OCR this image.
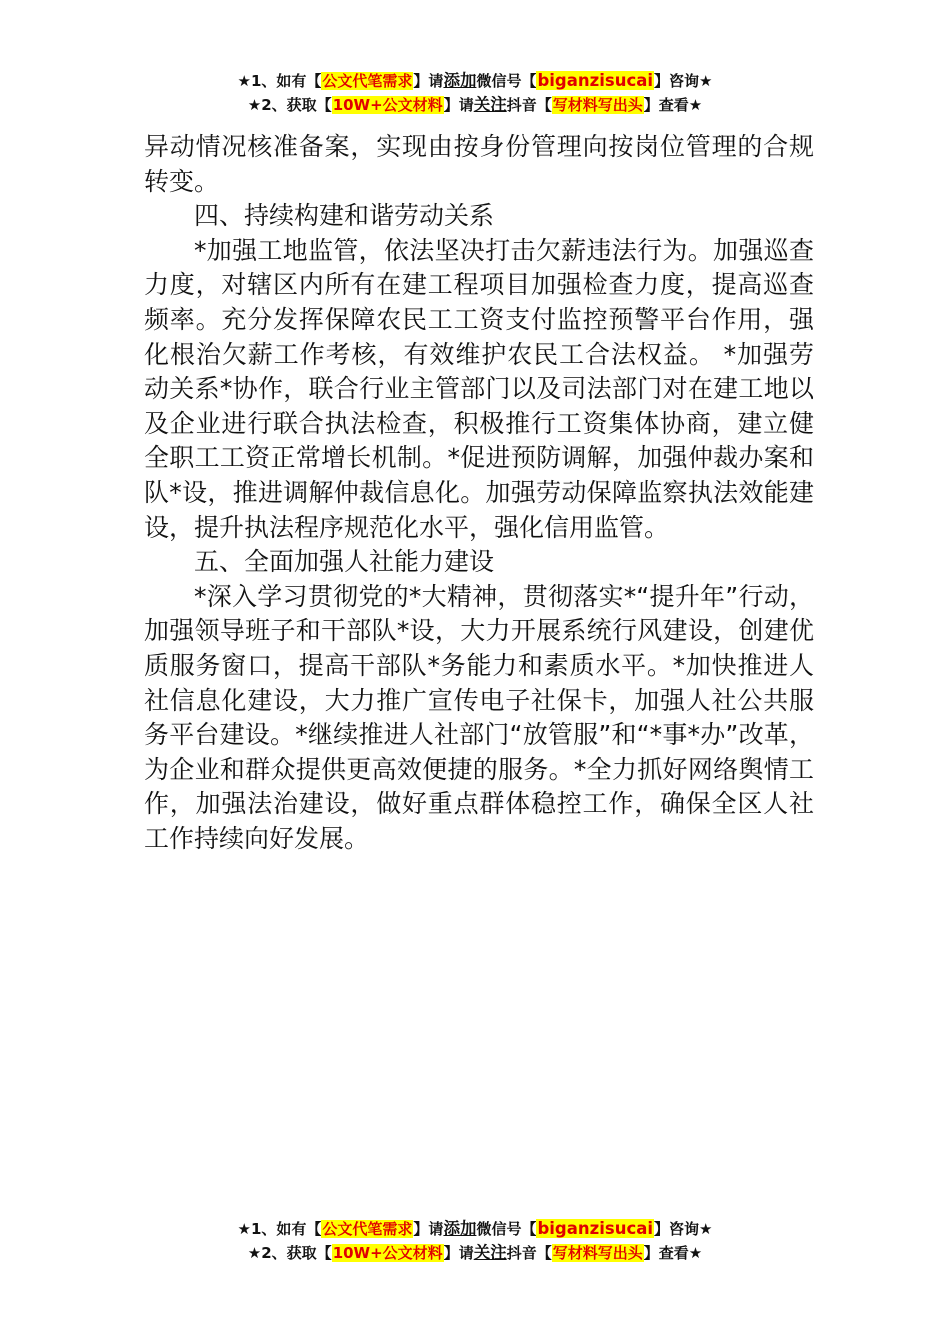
★1、如有【公文代笔需求】请添加微信号【biganzisucai】咨询★
★2、获取【10W+公文材料】请关注抖音【写材料写出头】查看★

异动情况核准备案，实现由按身份管理向按岗位管理的合规转变。

四、持续构建和谐劳动关系

*加强工地监管，依法坚决打击欠薪违法行为。加强巡查力度，对辖区内所有在建工程项目加强检查力度，提高巡查频率。充分发挥保障农民工工资支付监控预警平台作用，强化根治欠薪工作考核，有效维护农民工合法权益。 *加强劳动关系*协作，联合行业主管部门以及司法部门对在建工地以及企业进行联合执法检查，积极推行工资集体协商，建立健全职工工资正常增长机制。*促进预防调解，加强仲裁办案和队*设，推进调解仲裁信息化。加强劳动保障监察执法效能建设，提升执法程序规范化水平，强化信用监管。

五、全面加强人社能力建设

*深入学习贯彻党的*大精神，贯彻落实*“提升年”行动，加强领导班子和干部队*设，大力开展系统行风建设，创建优质服务窗口，提高干部队*务能力和素质水平。*加快推进人社信息化建设，大力推广宣传电子社保卡，加强人社公共服务平台建设。*继续推进人社部门“放管服”和“*事*办”改革，为企业和群众提供更高效便捷的服务。*全力抓好网络舆情工作，加强法治建设，做好重点群体稳控工作，确保全区人社工作持续向好发展。

★1、如有【公文代笔需求】请添加微信号【biganzisucai】咨询★
★2、获取【10W+公文材料】请关注抖音【写材料写出头】查看★
